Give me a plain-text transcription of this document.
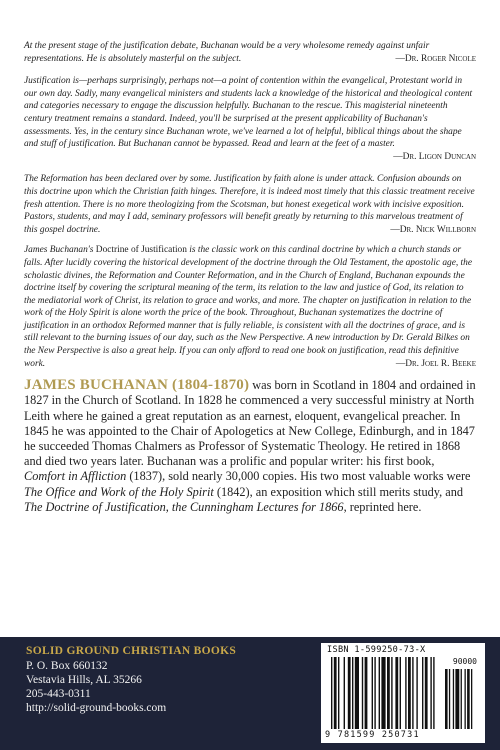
At the present stage of the justification debate, Buchanan would be a very wholesome remedy against unfair representations. He is absolutely masterful on the subject.	—Dr. Roger Nicole

Justification is—perhaps surprisingly, perhaps not—a point of contention within the evangelical, Protestant world in our own day. Sadly, many evangelical ministers and students lack a knowledge of the historical and theological content and categories necessary to engage the discussion helpfully. Buchanan to the rescue. This magisterial nineteenth century treatment remains a standard. Indeed, you'll be surprised at the present applicability of Buchanan's assessments. Yes, in the century since Buchanan wrote, we've learned a lot of helpful, biblical things about the shape and stuff of justification. But Buchanan cannot be bypassed. Read and learn at the feet of a master.
—Dr. Ligon Duncan

The Reformation has been declared over by some. Justification by faith alone is under attack. Confusion abounds on this doctrine upon which the Christian faith hinges. Therefore, it is indeed most timely that this classic treatment receive fresh attention. There is no more theologizing from the Scotsman, but honest exegetical work with incisive exposition. Pastors, students, and may I add, seminary professors will benefit greatly by returning to this marvelous treatment of this gospel doctrine.	—Dr. Nick Willborn

James Buchanan's Doctrine of Justification is the classic work on this cardinal doctrine by which a church stands or falls. After lucidly covering the historical development of the doctrine through the Old Testament, the apostolic age, the scholastic divines, the Reformation and Counter Reformation, and in the Church of England, Buchanan expounds the doctrine itself by covering the scriptural meaning of the term, its relation to the law and justice of God, its relation to the mediatorial work of Christ, its relation to grace and works, and more. The chapter on justification in relation to the work of the Holy Spirit is alone worth the price of the book. Throughout, Buchanan systematizes the doctrine of justification in an orthodox Reformed manner that is fully reliable, is consistent with all the doctrines of grace, and is still relevant to the burning issues of our day, such as the New Perspective. A new introduction by Dr. Gerald Bilkes on the New Perspective is also a great help. If you can only afford to read one book on justification, read this definitive work.	—Dr. Joel R. Beeke

JAMES BUCHANAN (1804-1870) was born in Scotland in 1804 and ordained in 1827 in the Church of Scotland. In 1828 he commenced a very successful ministry at North Leith where he gained a great reputation as an earnest, eloquent, evangelical preacher. In 1845 he was appointed to the Chair of Apologetics at New College, Edinburgh, and in 1847 he succeeded Thomas Chalmers as Professor of Systematic Theology. He retired in 1868 and died two years later. Buchanan was a prolific and popular writer: his first book, Comfort in Affliction (1837), sold nearly 30,000 copies. His two most valuable works were The Office and Work of the Holy Spirit (1842), an exposition which still merits study, and The Doctrine of Justification, the Cunningham Lectures for 1866, reprinted here.

SOLID GROUND CHRISTIAN BOOKS
P. O. Box 660132
Vestavia Hills, AL 35266
205-443-0311
http://solid-ground-books.com
ISBN 1-599250-73-X
90000
9 781599 250731
